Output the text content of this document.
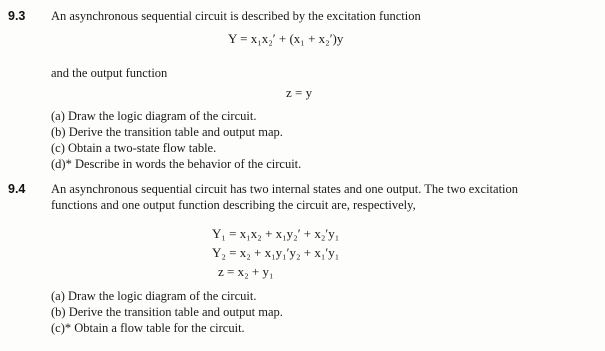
9.3 An asynchronous sequential circuit is described by the excitation function
Y = x₁x₂′ + (x₁ + x₂′)y
and the output function
z = y
(a) Draw the logic diagram of the circuit.
(b) Derive the transition table and output map.
(c) Obtain a two-state flow table.
(d)* Describe in words the behavior of the circuit.
9.4 An asynchronous sequential circuit has two internal states and one output. The two excitation
functions and one output function describing the circuit are, respectively,
Y₁ = x₁x₂ + x₁y₂′ + x₂′y₁
Y₂ = x₂ + x₁y₁′y₂ + x₁′y₁
z = x₂ + y₁
(a) Draw the logic diagram of the circuit.
(b) Derive the transition table and output map.
(c)* Obtain a flow table for the circuit.
